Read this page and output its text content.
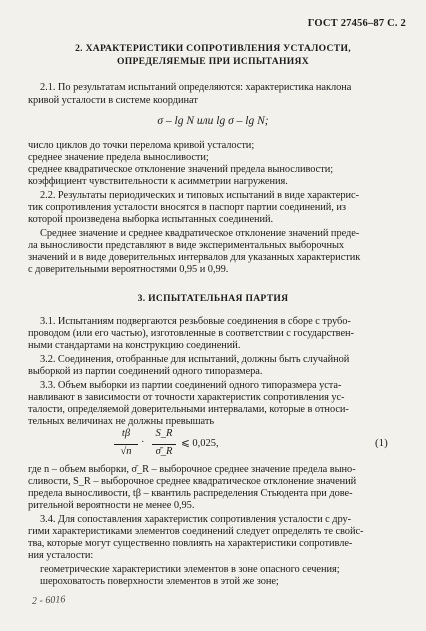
ГОСТ 27456–87 С. 2
2. ХАРАКТЕРИСТИКИ СОПРОТИВЛЕНИЯ УСТАЛОСТИ,
ОПРЕДЕЛЯЕМЫЕ ПРИ ИСПЫТАНИЯХ
2.1. По результатам испытаний определяются: характеристика наклона
кривой усталости в системе координат
σ – lg N или lg σ – lg N;
число циклов до точки перелома кривой усталости;
среднее значение предела выносливости;
среднее квадратическое отклонение значений предела выносливости;
коэффициент чувствительности к асимметрии нагружения.
2.2. Результаты периодических и типовых испытаний в виде характерис-
тик сопротивления усталости вносятся в паспорт партии соединений, из
которой произведена выборка испытанных соединений.
Среднее значение и среднее квадратическое отклонение значений преде-
ла выносливости представляют в виде экспериментальных выборочных
значений и в виде доверительных интервалов для указанных характеристик
с доверительными вероятностями 0,95 и 0,99.
3. ИСПЫТАТЕЛЬНАЯ ПАРТИЯ
3.1. Испытаниям подвергаются резьбовые соединения в сборе с трубо-
проводом (или его частью), изготовленные в соответствии с государствен-
ными стандартами на конструкцию соединений.
3.2. Соединения, отобранные для испытаний, должны быть случайной
выборкой из партии соединений одного типоразмера.
3.3. Объем выборки из партии соединений одного типоразмера уста-
навливают в зависимости от точности характеристик сопротивления ус-
талости, определяемой доверительными интервалами, которые в относи-
тельных величинах не должны превышать
tβ
√n
·
S_R
σ̄_R
⩽ 0,025,	(1)
где n – объем выборки, σ̄_R – выборочное среднее значение предела выно-
сливости, S_R – выборочное среднее квадратическое отклонение значений
предела выносливости, tβ – квантиль распределения Стьюдента при дове-
рительной вероятности не менее 0,95.
3.4. Для сопоставления характеристик сопротивления усталости с дру-
гими характеристиками элементов соединений следует определять те свойс-
тва, которые могут существенно повлиять на характеристики сопротивле-
ния усталости:
геометрические характеристики элементов в зоне опасного сечения;
шероховатость поверхности элементов в этой же зоне;
2 - 6016
